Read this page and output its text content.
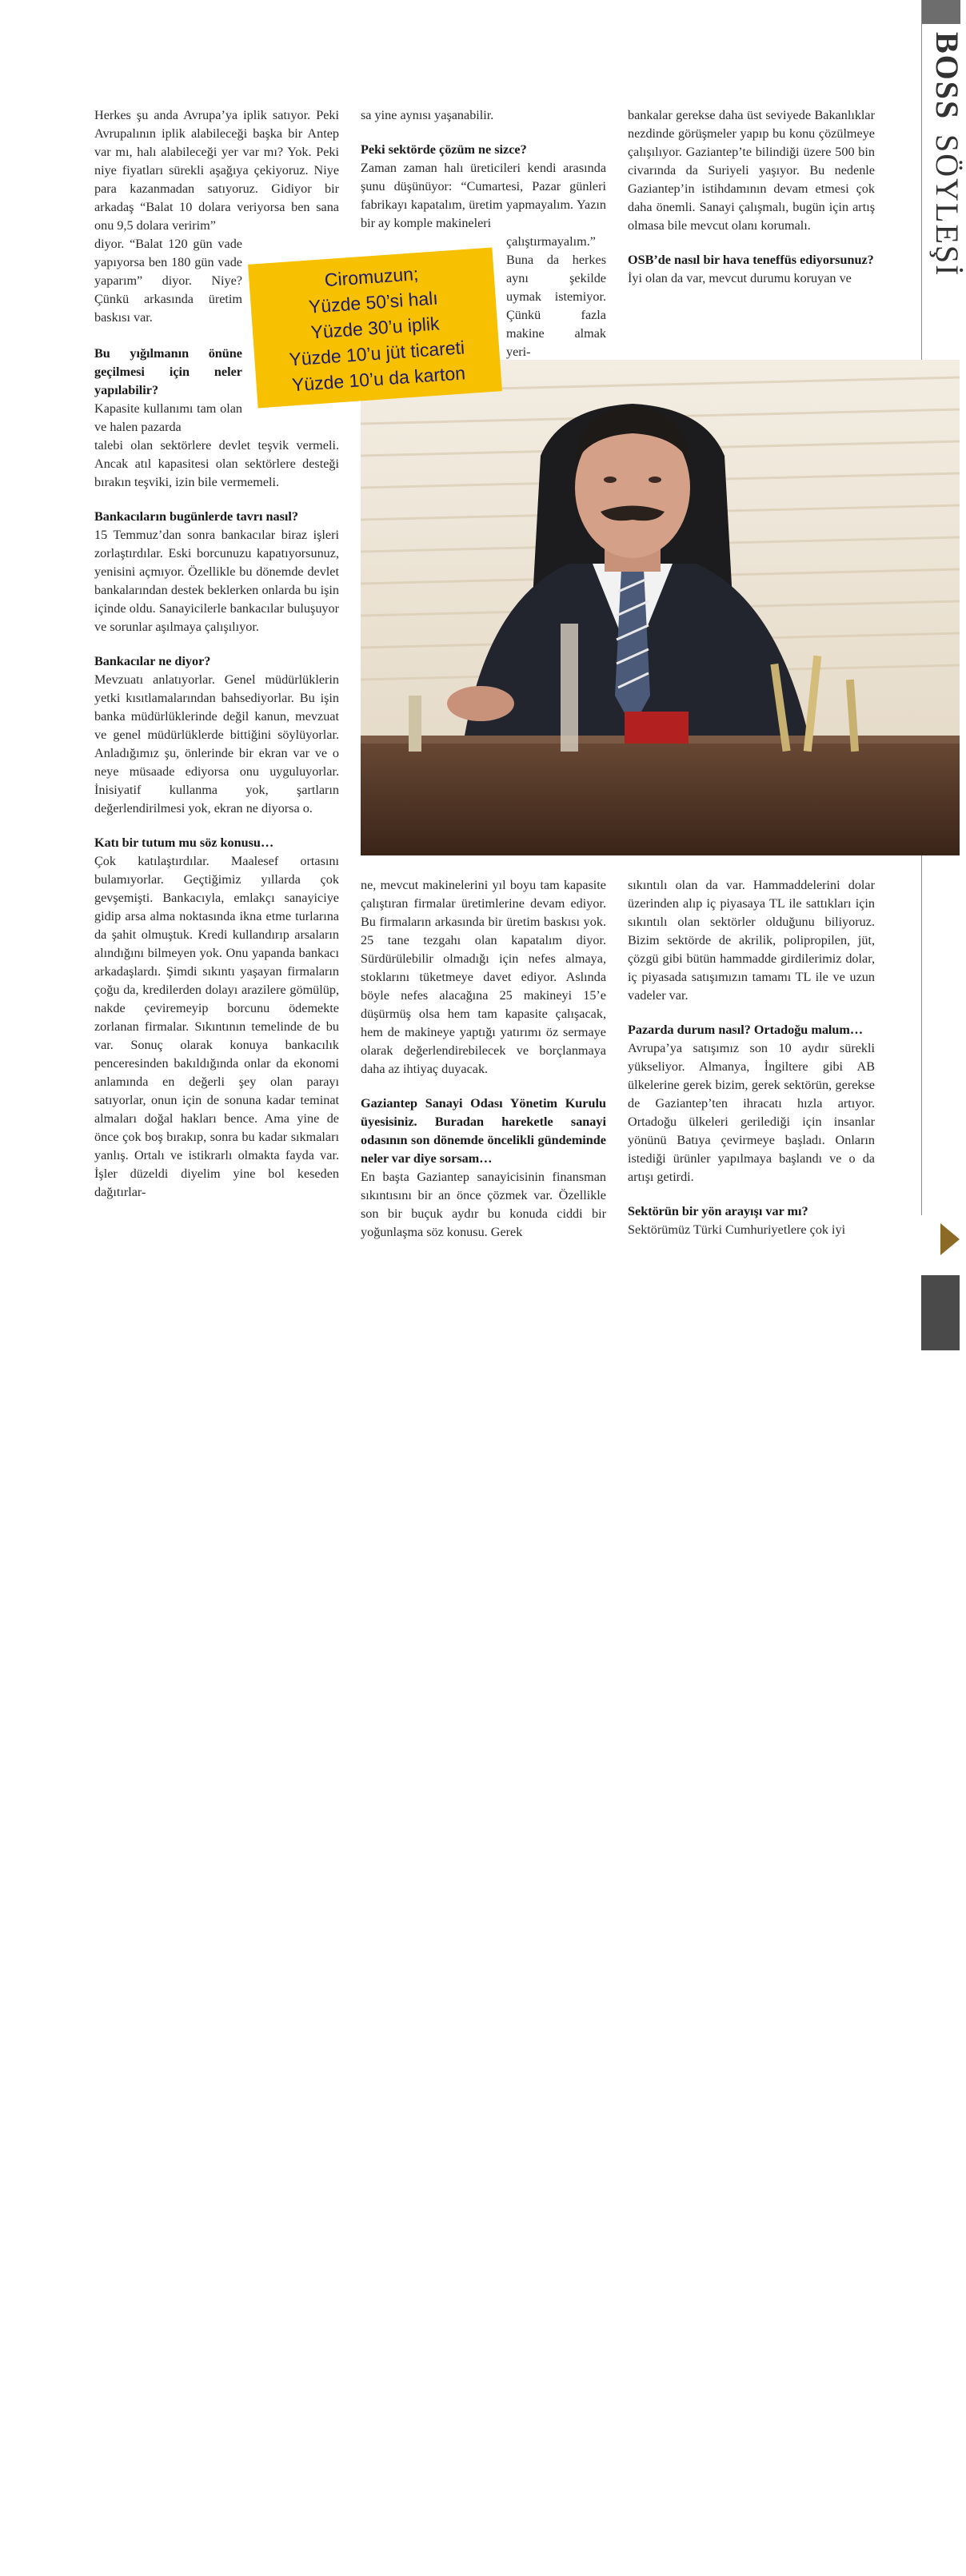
BOSSSÖYLEŞİ
59
Ciromuzun;
Yüzde 50’si halı
Yüzde 30’u iplik
Yüzde 10’u jüt ticareti
Yüzde 10’u da karton

Herkes şu anda Avrupa’ya iplik satıyor. Peki Avrupalının iplik alabileceği başka bir Antep var mı, halı alabileceği yer var mı? Yok. Peki niye fiyatları sürekli aşağıya çekiyoruz. Niye para kazanmadan satıyoruz. Gidiyor bir arkadaş “Balat 10 dolara veriyorsa ben sana onu 9,5 dolara veririm”
diyor. “Balat 120 gün vade yapıyorsa ben 180 gün vade yaparım” diyor. Niye? Çünkü arkasında üretim baskısı var.

Bu yığılmanın önüne geçilmesi için neler yapılabilir?

Kapasite kullanımı tam olan ve halen pazarda
talebi olan sektörlere devlet teşvik vermeli. Ancak atıl kapasitesi olan sektörlere desteği bırakın teşviki, izin bile vermemeli.

Bankacıların bugünlerde tavrı nasıl?

15 Temmuz’dan sonra bankacılar biraz işleri zorlaştırdılar. Eski borcunuzu kapatıyorsunuz, yenisini açmıyor. Özellikle bu dönemde devlet bankalarından destek beklerken onlarda bu işin içinde oldu. Sanayicilerle bankacılar buluşuyor ve sorunlar aşılmaya çalışılıyor.

Bankacılar ne diyor?

Mevzuatı anlatıyorlar. Genel müdürlüklerin yetki kısıtlamalarından bahsediyorlar. Bu işin banka müdürlüklerinde değil kanun, mevzuat ve genel müdürlüklerde bittiğini söylüyorlar. Anladığımız şu, önlerinde bir ekran var ve o neye müsaade ediyorsa onu uyguluyorlar. İnisiyatif kullanma yok, şartların değerlendirilmesi yok, ekran ne diyorsa o.

Katı bir tutum mu söz konusu…

Çok katılaştırdılar. Maalesef ortasını bulamıyorlar. Geçtiğimiz yıllarda çok gevşemişti. Bankacıyla, emlakçı sanayiciye gidip arsa alma noktasında ikna etme turlarına da şahit olmuştuk. Kredi kullandırıp arsaların alındığını bilmeyen yok. Onu yapanda bankacı arkadaşlardı. Şimdi sıkıntı yaşayan firmaların çoğu da, kredilerden dolayı arazilere gömülüp, nakde çeviremeyip borcunu ödemekte zorlanan firmalar. Sıkıntının temelinde de bu var. Sonuç olarak konuya bankacılık penceresinden bakıldığında onlar da ekonomi anlamında en değerli şey olan parayı satıyorlar, onun için de sonuna kadar teminat almaları doğal hakları bence. Ama yine de önce çok boş bırakıp, sonra bu kadar sıkmaları yanlış. Ortalı ve istikrarlı olmakta fayda var. İşler düzeldi diyelim yine bol keseden dağıtırlar-

sa yine aynısı yaşanabilir.

Peki sektörde çözüm ne sizce?

Zaman zaman halı üreticileri kendi arasında şunu düşünüyor: “Cumartesi, Pazar günleri fabrikayı kapatalım, üretim yapmayalım. Yazın bir ay komple makineleri
çalıştırmayalım.” Buna da herkes aynı şekilde uymak istemiyor. Çünkü fazla makine almak yeri-

ne, mevcut makinelerini yıl boyu tam kapasite çalıştıran firmalar üretimlerine devam ediyor. Bu firmaların arkasında bir üretim baskısı yok. 25 tane tezgahı olan kapatalım diyor. Sürdürülebilir olmadığı için nefes almaya, stoklarını tüketmeye davet ediyor. Aslında böyle nefes alacağına 25 makineyi 15’e düşürmüş olsa hem tam kapasite çalışacak, hem de makineye yaptığı yatırımı öz sermaye olarak değerlendirebilecek ve borçlanmaya daha az ihtiyaç duyacak.

Gaziantep Sanayi Odası Yönetim Kurulu üyesisiniz. Buradan hareketle sanayi odasının son dönemde öncelikli gündeminde neler var diye sorsam…

En başta Gaziantep sanayicisinin finansman sıkıntısını bir an önce çözmek var. Özellikle son bir buçuk aydır bu konuda ciddi bir yoğunlaşma söz konusu. Gerek

bankalar gerekse daha üst seviyede Bakanlıklar nezdinde görüşmeler yapıp bu konu çözülmeye çalışılıyor. Gaziantep’te bilindiği üzere 500 bin civarında da Suriyeli yaşıyor. Bu nedenle Gaziantep’in istihdamının devam etmesi çok daha önemli. Sanayi çalışmalı, bugün için artış olmasa bile mevcut olanı korumalı.

OSB’de nasıl bir hava teneffüs ediyorsunuz?

İyi olan da var, mevcut durumu koruyan ve

sıkıntılı olan da var. Hammaddelerini dolar üzerinden alıp iç piyasaya TL ile sattıkları için sıkıntılı olan sektörler olduğunu biliyoruz. Bizim sektörde de akrilik, polipropilen, jüt, çözgü gibi bütün hammadde girdilerimiz dolar, iç piyasada satışımızın tamamı TL ile ve uzun vadeler var.

Pazarda durum nasıl? Ortadoğu malum…

Avrupa’ya satışımız son 10 aydır sürekli yükseliyor. Almanya, İngiltere gibi AB ülkelerine gerek bizim, gerek sektörün, gerekse de Gaziantep’ten ihracatı hızla artıyor. Ortadoğu ülkeleri gerilediği için insanlar yönünü Batıya çevirmeye başladı. Onların istediği ürünler yapılmaya başlandı ve o da artışı getirdi.

Sektörün bir yön arayışı var mı?

Sektörümüz Türki Cumhuriyetlere çok iyi
